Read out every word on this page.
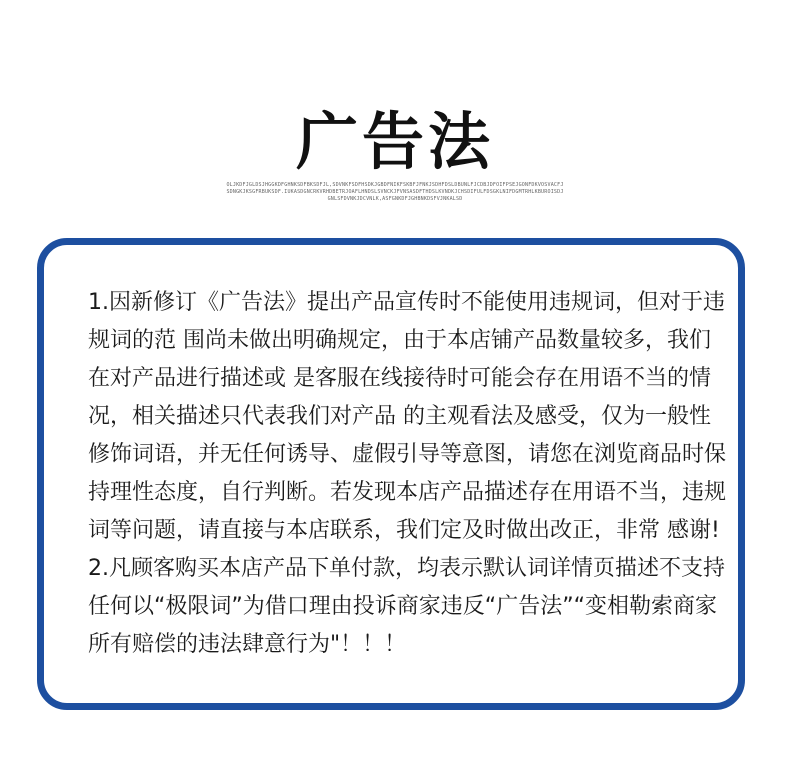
广告法
OLJKDFJGLDSJHGGKDFGHNKSDFBKSDFJL,SDVNKFSDFHSDKJGBDFNIKFSKBFJFNKJSDHFDSLDBUNLFJCDBJDFOIFPSEJGONFDKVOSVACFJSDNGKJKSGFRBUKSDF.IUKASDGNCRKVRHDBETRJOAFLHNDSLSVNCKJFVNSASDFTHDSLKVNDKJCHSDIFULFDSGKLNIFDGMTRHLKBUROISDJGNLSFDVNKJDCVNLK,ASFGNKDFJGHBNKDSFVJNKALSD

1.因新修订《广告法》提出产品宣传时不能使用违规词，但对于违规词的范 围尚未做出明确规定，由于本店铺产品数量较多，我们在对产品进行描述或 是客服在线接待时可能会存在用语不当的情况，相关描述只代表我们对产品 的主观看法及感受，仅为一般性修饰词语，并无任何诱导、虚假引导等意图，请您在浏览商品时保持理性态度，自行判断。若发现本店产品描述存在用语不当，违规词等问题，请直接与本店联系，我们定及时做出改正，非常 感谢!

2.凡顾客购买本店产品下单付款，均表示默认词详情页描述不支持任何以“极限词”为借口理由投诉商家违反“广告法”“变相勒索商家所有赔偿的违法肆意行为"！！！
